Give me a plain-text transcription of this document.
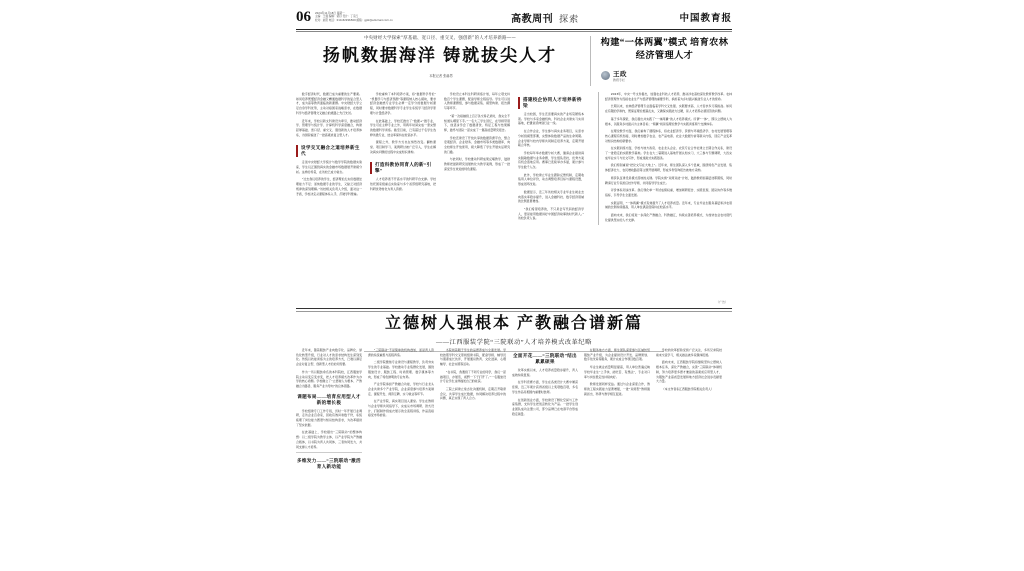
06 2024年11月18日 星期一
主编：王强 编辑：梁丹 设计：丁京红
校对：赵阳 电话：010-82296569 邮箱：gjzk@edumail.com.cn	高教周刊 探索	中国教育报
中央财经大学探索“厚基础、宽口径、重交叉、强创新”的人才培养新路——
扬帆数据海洋 铸就拔尖人才
本报记者 张赫男
构建“一体两翼”模式 培育农林经济管理人才
王政
教授专栏

数字经济时代，数据已成为重要的生产要素。如何培养既懂经济金融又精通数据科学的复合型人才，成为高等教育面临的新课题。中央财经大学立足自身学科优势，主动对接国家战略需求，在数据科学与经济管理交叉融合的道路上先行先试。

近年来，学校以新文科建设为牵引，推动经济学、管理学与统计学、计算机科学深度融合，构建起厚基础、宽口径、重交叉、强创新的人才培养体系，为国家输送了一批高素质复合型人才。

设学交叉融合之道培养新生代

走进中央财经大学统计与数学学院的数据实验室，学生们正围绕真实的金融市场数据展开建模分析。这样的场景，在该校已成为常态。

“过去我们培养的学生，经济理论扎实但数据处理能力不足；而纯数据专业的学生，又缺乏对经济规律的深刻理解。”该校相关负责人介绍，面对这一矛盾，学校决定从课程体系入手，打破学科壁垒。

学校重构了本科培养方案，将“数据科学导论”“机器学习与经济预测”等课程纳入核心模块，要求经济金融类专业学生必修一定学分的数据分析课程，同时要求数据科学专业学生系统学习经济学原理与计量经济学。

在此基础上，学校还推出了“数据+”微专业，学生可在主修专业之外，用两年时间完成一套完整的数据科学训练。截至目前，已有超过千名学生选修该微专业，结业率保持在较高水平。

课程之外，教学方式也在悄然改变。翻转课堂、项目制学习、案例研讨被广泛引入，学生在解决真实问题的过程中完成知识建构。

打造科教协同育人的新“引擎”

人才培养离不开高水平的科研平台支撑。学校依托国家级重点实验室与多个省部级研究基地，把科研优势转化为育人资源。

学校设立本科生科研训练计划，每年立项支持数百个学生课题，配备导师全程指导。学生可以进入教师课题组，参与数据采集、模型构建、报告撰写等环节。

“第一次接触到上百万条交易记录时，我完全不知道从哪里下手。”一名大三学生回忆，在导师带领下，他逐步学会了数据清洗、特征工程与结果解释，最终与团队一起完成了一篇高质量研究报告。

学校还建设了开放共享的数据资源平台，整合宏观经济、企业财务、金融市场等多类数据库，向全校师生开放使用，极大降低了学生开展实证研究的门槛。

与此同时，学校推动科研成果反哺教学，鼓励教师把最新研究进展转化为教学案例，形成了一批深受学生欢迎的特色课程。

搭建校企协同人才培养新桥梁

走出校园，学生还需要真实的产业场景锤炼本领。学校与多家金融机构、科技企业共建实习实训基地，把课堂延伸到行业一线。

在合作企业，学生参与真实业务项目，从需求分析到模型部署，完整体验数据产品的生命周期。企业导师与校内导师共同制定培养方案，定期开展联合考核。

学校每年举办数据分析大赛，邀请企业提供真实脱敏数据与业务命题，学生组队竞技，优秀方案有机会落地应用。赛事已连续举办多届，累计参与学生数千人次。

此外，学校建立毕业生跟踪反馈机制，定期收集用人单位评价，动态调整培养目标与课程设置，形成闭环改进。

数据显示，近三年该校相关专业毕业生就业去向落实率稳步提升，进入金融科技、数字经济领域的比例显著增加。

“我们希望培养的，不只是会写代码的经济学人，更是能用数据讲好中国经济故事的时代新人。”该校负责人说。

2023年，中央一号文件提出，加强农业科技人才培养，推动涉农高校深化教育教学改革。农林经济管理作为连接农业生产与经济管理的重要学科，承担着为乡村振兴输送专业人才的使命。

长期以来，农林经济管理专业面临着学科交叉性强、实践要求高、人才需求多元等挑战。如何在有限的学制内，既保证理论根基扎实，又确保实践能力过硬，是人才培养必须回答的问题。

基于多年探索，我们提出并实践了“一体两翼”的人才培养模式。所谓“一体”，即以立德树人为根本，以服务乡村振兴为主体目标；“两翼”则是指理论教学与实践训练两个支撑体系。

在理论教学方面，我们重构了课程体系，将农业经济学、资源与环境经济学、农村发展管理等核心课程有机衔接，同时增加数字农业、农产品电商、农业大数据分析等新兴内容，回应产业变革对知识结构的新要求。

在实践训练方面，学校与地方政府、农业龙头企业、农民专业合作社建立长期合作关系，建设了一批稳定的实践教学基地。学生在大二暑期进入基地开展认知实习，大三参与专题调研，大四完成毕业实习与论文写作，形成递进式实践链条。

我们特别重视“把论文写在大地上”。近年来，师生团队深入多个县域，围绕特色产业发展、集体经济壮大、农民增收路径等主题开展调研，形成多份咨询报告被地方采纳。

师资队伍建设是模式落地的关键。学院实施“双师双能”计划，鼓励教师到基层挂职锻炼，同时聘请行业专家担任校外导师，共同指导学生成长。

评价体系同步改革。我们弱化单一考试成绩权重，增加调研报告、实践表现、团队协作等多维指标，引导学生全面发展。

实践证明，“一体两翼”模式有效提升了人才培养质量。近年来，专业毕业生服务基层和涉农领域的比例持续提高，用人单位满意度保持在较高水平。

面向未来，我们将进一步深化产教融合、科教融汇，持续完善培养模式，为加快农业农村现代化提供坚实的人才支撑。

（广告）
立德树人强根本 产教融合谱新篇
——江西服装学院“三院联动”人才培养模式改革纪略

近年来，随着服装产业向数字化、品牌化、绿色化转型升级，行业对人才的需求结构发生深刻变化。传统以技能训练为主的培养方式，已难以满足企业对复合型、创新型人才的迫切需要。

作为一所以服装命名的本科院校，江西服装学院主动识变应变求变，把人才培养模式改革作为办学的核心命题。学校确立了“立德树人为根本、产教融合为路径、服务产业为导向”的总体思路。

课题布局——培育应用型人才新的增长极

学校组建专门工作专班，历时一年开展行业调研，走访企业百余家，回收有效问卷数千份，系统梳理了岗位能力图谱与知识结构需求，为改革提供了坚实依据。

在此基础上，学校提出“三院联动”的整体构想：以二级学院为教学主体，以产业学院为产教融合载体，以书院为育人共同体，三者协同发力，共同支撑人才培养。

多维发力——“三院联动”激活育人新动能

“三院联动”不是简单的机构叠加，而是育人资源的系统重组与流程再造。

二级学院聚焦专业建设与课程教学，负责夯实学生的专业基础。学校推动专业集群化发展，围绕服装设计、服装工程、时尚管理、数字媒体等方向，形成了特色鲜明的专业布局。

产业学院承担产教融合功能，学校与行业龙头企业共建多个产业学院，企业深度参与培养方案制定、课程开发、师资互聘、实习就业等环节。

在产业学院，真实项目进入课堂。学生在教师与企业导师共同指导下，完成从市场调研、款式设计、打版制作到成衣展示的全流程训练，作品直接接受市场检验。

书院则着眼于学生的品德养成与全面发展。学校按照学科交叉原则组建书院，配备导师、辅导员与朋辈成长伙伴，开展通识教育、文化浸润、心理辅导、社会实践等活动。

“在书院，我遇到了不同专业的同学，我们一起做项目、办展览，视野一下子打开了。”一名服装设计专业学生这样描述自己的收获。

三院之间建立常态化沟通机制，定期召开联席会议，共享学生成长数据，协同解决培养过程中的问题，真正实现了育人合力。

全面开花——“三院联动”结出累累硕果

改革实施以来，人才培养质量稳步提升，育人成效持续显现。

在学科竞赛方面，学生在各类设计大赛中屡获佳绩，近三年累计获得省级以上奖项数百项，多名学生作品亮相国内重要时装周。

在创新创业方面，学校建设了孵化空间与工作室集群，支持学生把创意转化为产品。一批学生创业团队成功注册公司，部分品牌已在电商平台形成稳定销量。

在服务地方方面，师生团队深度参与区域纺织服装产业升级，为企业提供设计开发、品牌策划、数字化改造等服务，累计完成合作项目数百项。

毕业生就业质量明显提高，用人单位普遍反映学校毕业生“上手快、能吃苦、有想法”，专业对口率与岗位稳定性持续向好。

教师发展同样受益。通过与企业深度合作，教师的工程实践能力显著增强，一批“双师型”教师脱颖而出，科研与教学相互促进。

学校的改革经验受到广泛关注，多所兄弟院校前来交流学习，相关做法被多家媒体报道。

面向未来，江西服装学院将继续坚持立德树人根本任务，深化产教融合，完善“三院联动”体制机制，努力培养更多德才兼备的高素质应用型人才，为服装产业高质量发展和地方经济社会进步贡献更大力量。

（本文作者系江西服装学院相关负责人）
